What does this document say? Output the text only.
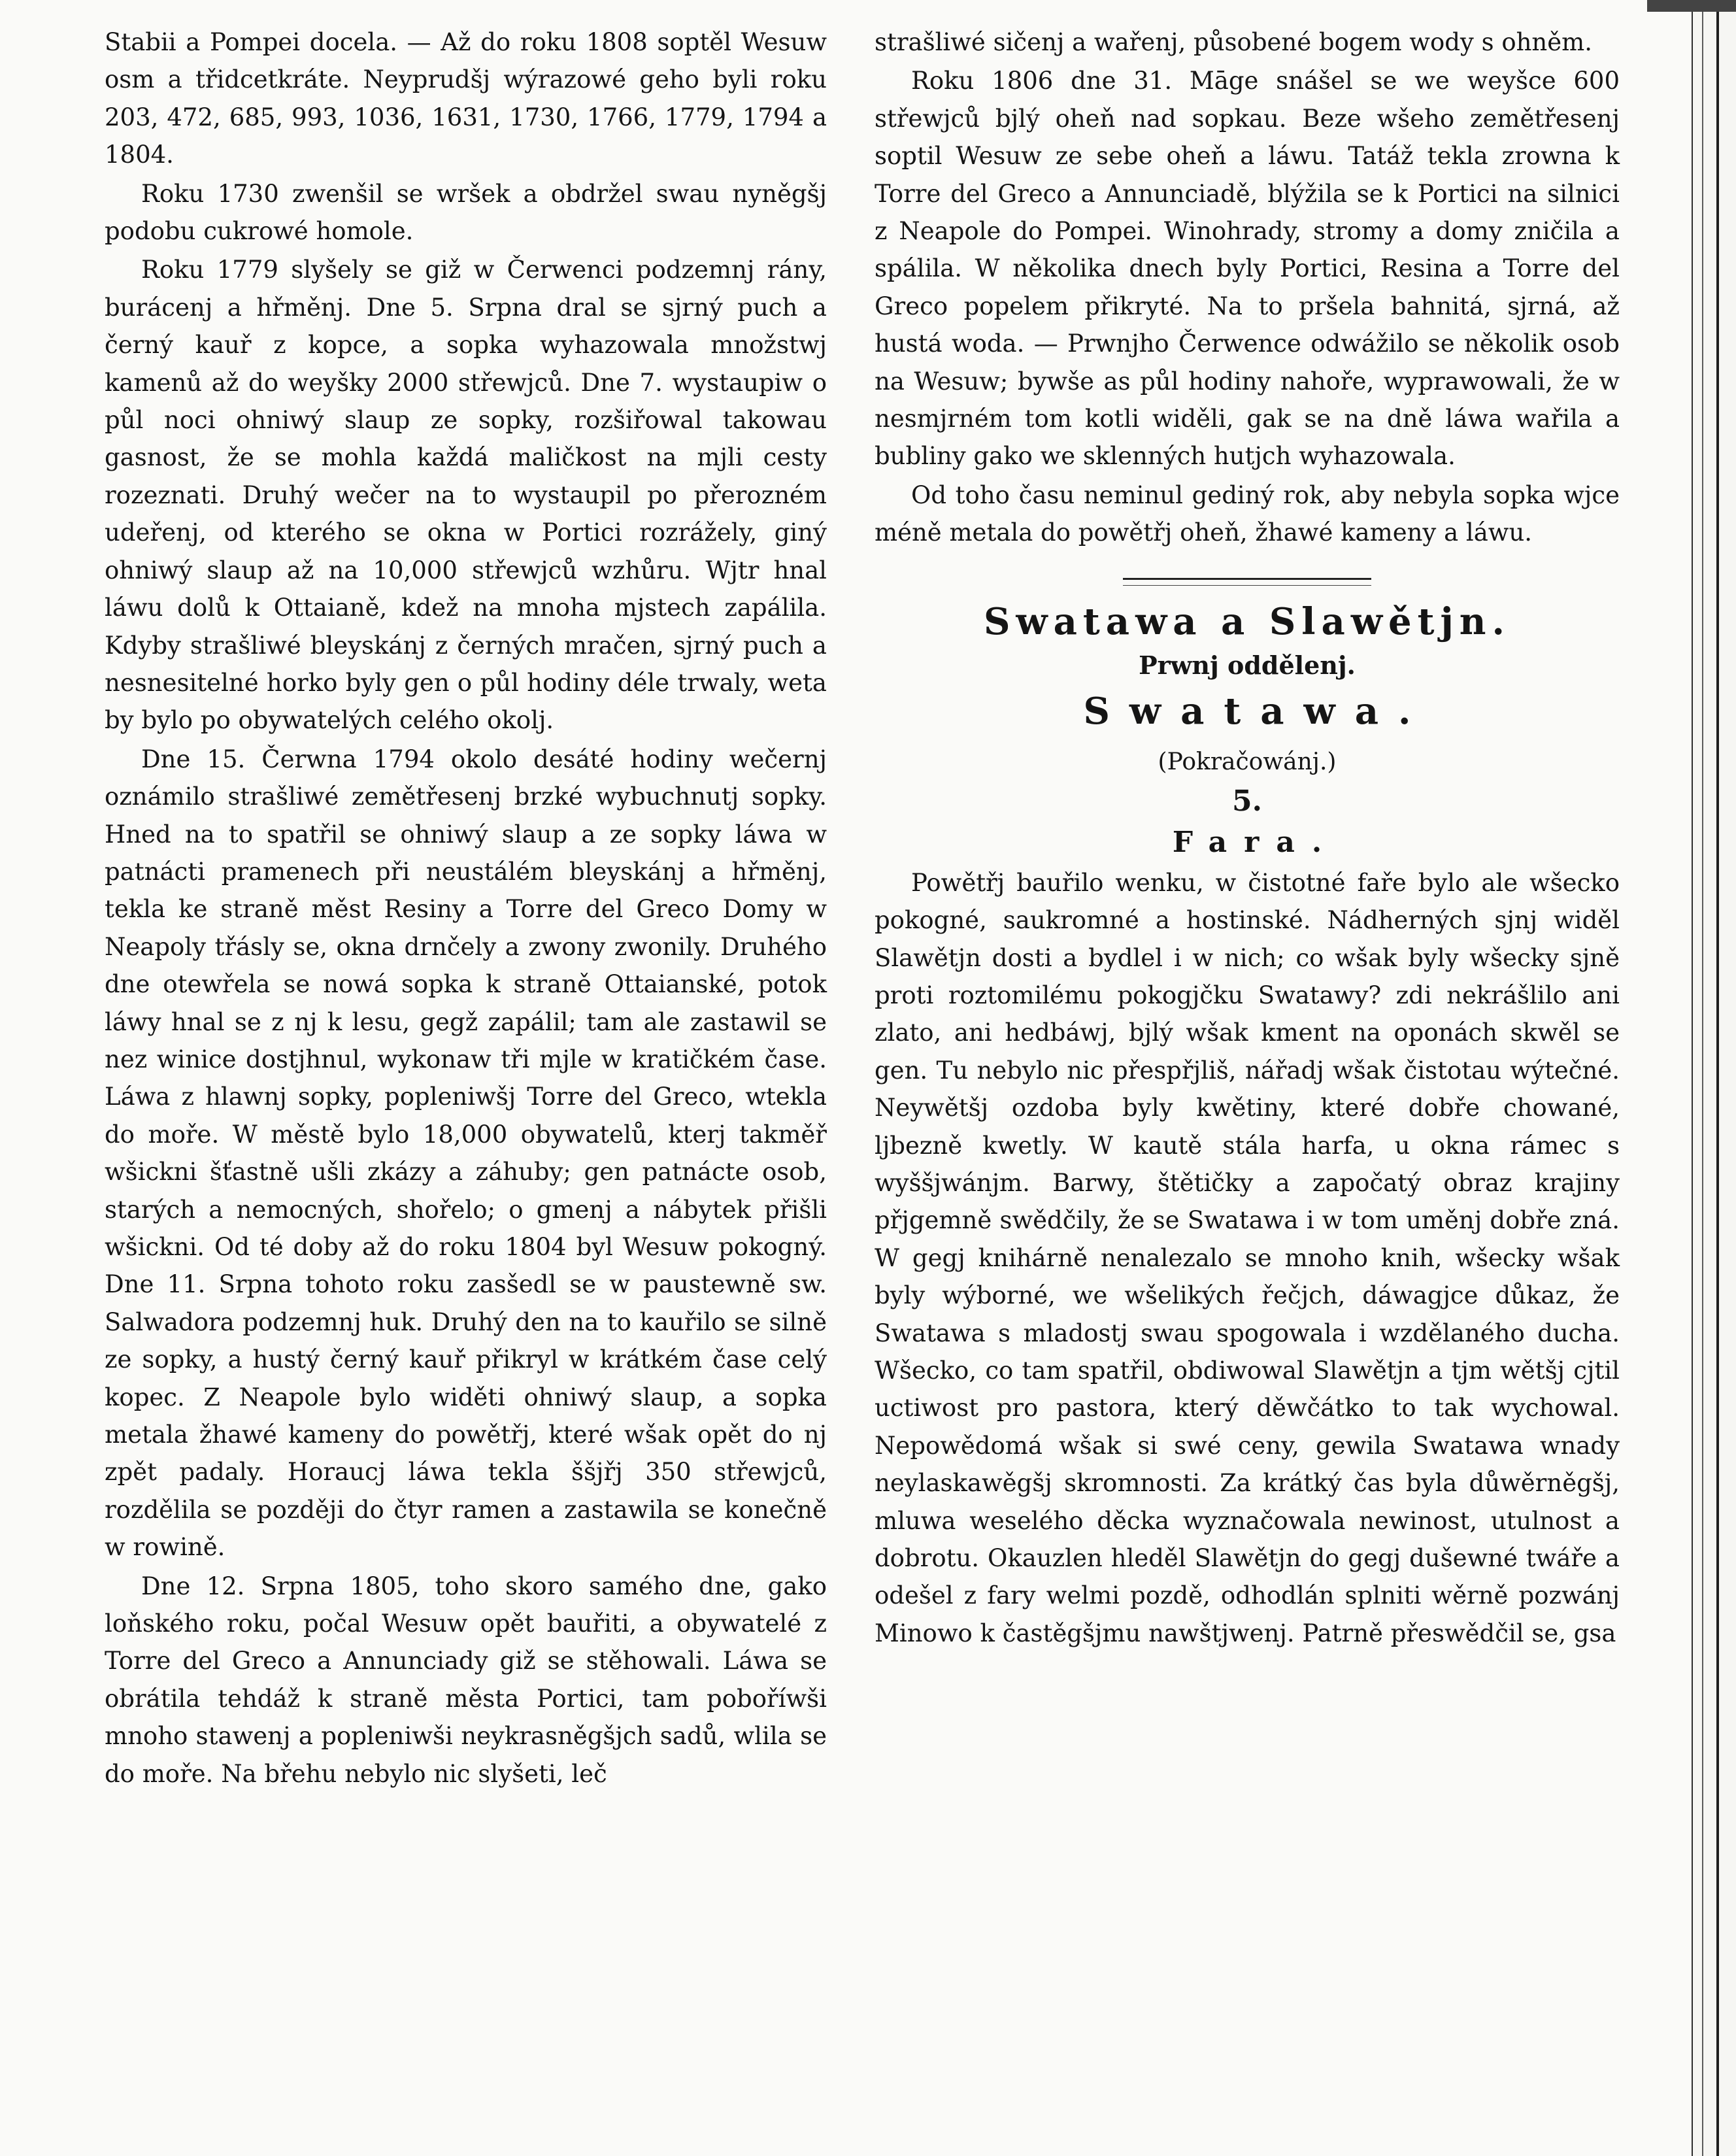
Stabii a Pompei docela. — Až do roku 1808 soptěl Wesuw osm a třidcetkráte. Neyprudšj wýrazowé geho byli roku 203, 472, 685, 993, 1036, 1631, 1730, 1766, 1779, 1794 a 1804.

Roku 1730 zwenšil se wršek a obdržel swau nyněgšj podobu cukrowé homole.

Roku 1779 slyšely se giž w Čerwenci podzemnj rány, burácenj a hřměnj. Dne 5. Srpna dral se sjrný puch a černý kauř z kopce, a sopka wyhazowala množstwj kamenů až do weyšky 2000 střewjců. Dne 7. wystaupiw o půl noci ohniwý slaup ze sopky, rozšiřowal takowau gasnost, že se mohla každá maličkost na mjli cesty rozeznati. Druhý wečer na to wystaupil po přerozném udeřenj, od kterého se okna w Portici rozrážely, giný ohniwý slaup až na 10,000 střewjců wzhůru. Wjtr hnal láwu dolů k Ottaianě, kdež na mnoha mjstech zapálila. Kdyby strašliwé bleyskánj z černých mračen, sjrný puch a nesnesitelné horko byly gen o půl hodiny déle trwaly, weta by bylo po obywatelých celého okolj.

Dne 15. Čerwna 1794 okolo desáté hodiny wečernj oznámilo strašliwé zemětřesenj brzké wybuchnutj sopky. Hned na to spatřil se ohniwý slaup a ze sopky láwa w patnácti pramenech při neustálém bleyskánj a hřměnj, tekla ke straně měst Resiny a Torre del Greco Domy w Neapoly třásly se, okna drnčely a zwony zwonily. Druhého dne otewřela se nowá sopka k straně Ottaianské, potok láwy hnal se z nj k lesu, gegž zapálil; tam ale zastawil se nez winice dostjhnul, wykonaw tři mjle w kratičkém čase. Láwa z hlawnj sopky, popleniwšj Torre del Greco, wtekla do moře. W městě bylo 18,000 obywatelů, kterj takměř wšickni šťastně ušli zkázy a záhuby; gen patnácte osob, starých a nemocných, shořelo; o gmenj a nábytek přišli wšickni. Od té doby až do roku 1804 byl Wesuw pokogný. Dne 11. Srpna tohoto roku zasšedl se w paustewně sw. Salwadora podzemnj huk. Druhý den na to kauřilo se silně ze sopky, a hustý černý kauř přikryl w krátkém čase celý kopec. Z Neapole bylo widěti ohniwý slaup, a sopka metala žhawé kameny do powětřj, které wšak opět do nj zpět padaly. Horaucj láwa tekla ššjřj 350 střewjců, rozdělila se později do čtyr ramen a zastawila se konečně w rowině.

Dne 12. Srpna 1805, toho skoro samého dne, gako loňského roku, počal Wesuw opět bauřiti, a obywatelé z Torre del Greco a Annunciady giž se stěhowali. Láwa se obrátila tehdáž k straně města Portici, tam poboříwši mnoho stawenj a popleniwši neykrasněgšjch sadů, wlila se do moře. Na břehu nebylo nic slyšeti, leč

strašliwé sičenj a wařenj, působené bogem wody s ohněm.

Roku 1806 dne 31. Māge snášel se we weyšce 600 střewjců bjlý oheň nad sopkau. Beze wšeho zemětřesenj soptil Wesuw ze sebe oheň a láwu. Tatáž tekla zrowna k Torre del Greco a Annunciadě, blýžila se k Portici na silnici z Neapole do Pompei. Winohrady, stromy a domy zničila a spálila. W několika dnech byly Portici, Resina a Torre del Greco popelem přikryté. Na to pršela bahnitá, sjrná, až hustá woda. — Prwnjho Čerwence odwážilo se několik osob na Wesuw; bywše as půl hodiny nahoře, wyprawowali, že w nesmjrném tom kotli widěli, gak se na dně láwa wařila a bubliny gako we sklenných hutjch wyhazowala.

Od toho času neminul gediný rok, aby nebyla sopka wjce méně metala do powětřj oheň, žhawé kameny a láwu.

Swatawa a Slawětjn.
Prwnj oddělenj.
Swatawa.
(Pokračowánj.)
5.
Fara.

Powětřj bauřilo wenku, w čistotné faře bylo ale wšecko pokogné, saukromné a hostinské. Nádherných sjnj widěl Slawětjn dosti a bydlel i w nich; co wšak byly wšecky sjně proti roztomilému pokogjčku Swatawy? zdi nekrášlilo ani zlato, ani hedbáwj, bjlý wšak kment na oponách skwěl se gen. Tu nebylo nic přespřjliš, nářadj wšak čistotau wýtečné. Neywětšj ozdoba byly kwětiny, které dobře chowané, ljbezně kwetly. W kautě stála harfa, u okna rámec s wyššjwánjm. Barwy, štětičky a započatý obraz krajiny přjgemně swědčily, že se Swatawa i w tom uměnj dobře zná. W gegj knihárně nenalezalo se mnoho knih, wšecky wšak byly wýborné, we wšelikých řečjch, dáwagjce důkaz, že Swatawa s mladostj swau spogowala i wzdělaného ducha. Wšecko, co tam spatřil, obdiwowal Slawětjn a tjm wětšj cjtil uctiwost pro pastora, který děwčátko to tak wychowal. Nepowědomá wšak si swé ceny, gewila Swatawa wnady neylaskawěgšj skromnosti. Za krátký čas byla důwěrněgšj, mluwa weselého děcka wyznačowala newinost, utulnost a dobrotu. Okauzlen hleděl Slawětjn do gegj dušewné twáře a odešel z fary welmi pozdě, odhodlán splniti wěrně pozwánj Minowo k častěgšjmu nawštjwenj. Patrně přeswědčil se, gsa
